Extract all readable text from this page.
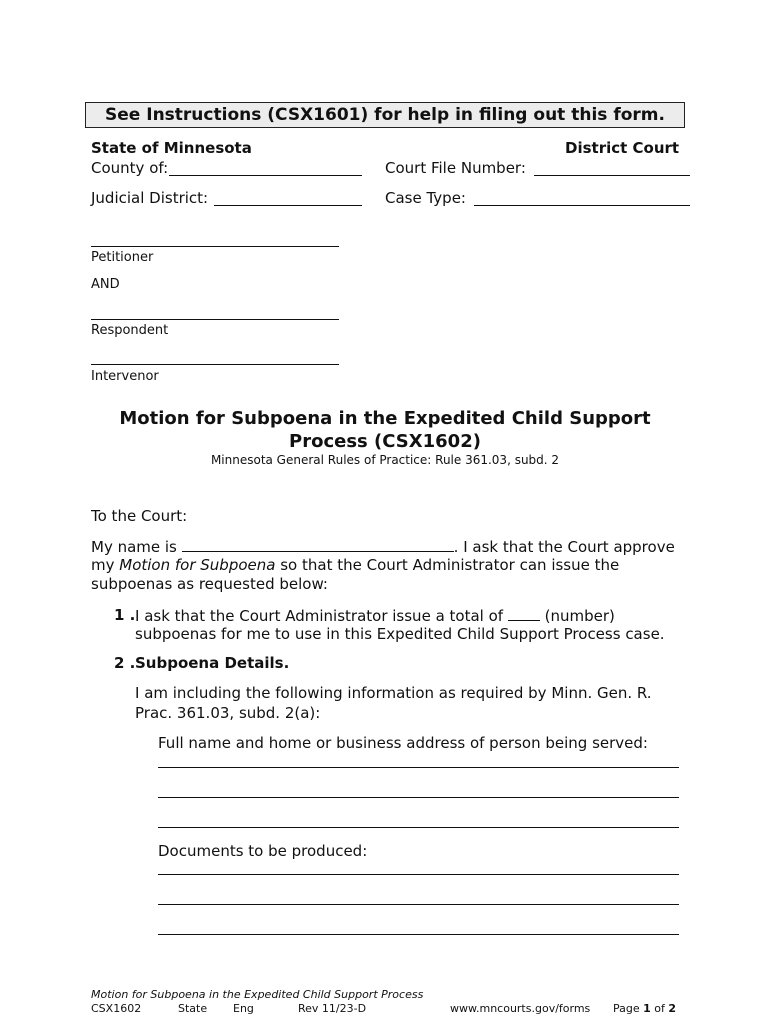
See Instructions (CSX1601) for help in filing out this form.
State of Minnesota	District Court
County of:	Court File Number:
Judicial District:	Case Type:
Petitioner
AND
Respondent
Intervenor
Motion for Subpoena in the Expedited Child Support
Process (CSX1602)
Minnesota General Rules of Practice: Rule 361.03, subd. 2
To the Court:
My name is	. I ask that the Court approve
my Motion for Subpoena so that the Court Administrator can issue the
subpoenas as requested below:
1 . I ask that the Court Administrator issue a total of	(number)
subpoenas for me to use in this Expedited Child Support Process case.
2 . Subpoena Details.
I am including the following information as required by Minn. Gen. R.
Prac. 361.03, subd. 2(a):
Full name and home or business address of person being served:
Documents to be produced:
Motion for Subpoena in the Expedited Child Support Process
CSX1602	State Eng	Rev 11/23-D	www.mncourts.gov/forms Page 1 of 2
